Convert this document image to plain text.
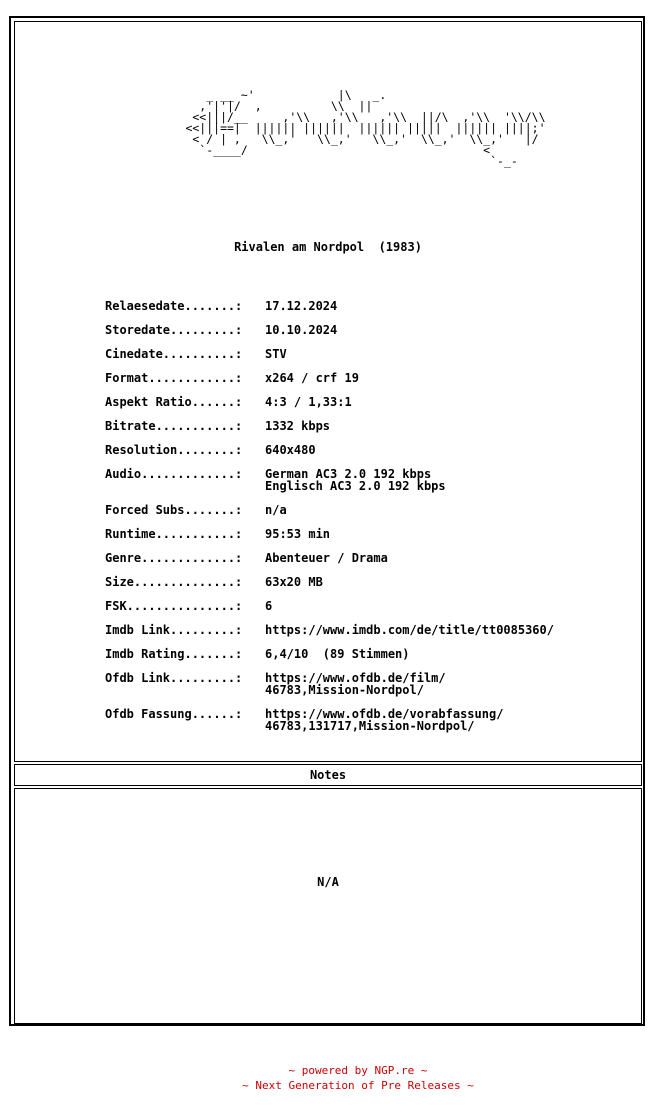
_ __ ~'            |\   _.
,'|'|/  ,          \\  ||
<<|||/__     ,'\\   ,'\\   ,'\\  ||/\  ,'\\  '\\/\\
<<|||==|  |||||| ||||||  |||||| |||||  |||||| ||||;'
< / | ,   \\_,'   \\_,'   \\_,'  \\_,'  \\_,'   |/
`-____/                                  <
`-_-
Rivalen am Nordpol  (1983)
Relaesedate.......:	17.12.2024
Storedate.........:	10.10.2024
Cinedate..........:	STV
Format............:	x264 / crf 19
Aspekt Ratio......:	4:3 / 1,33:1
Bitrate...........:	1332 kbps
Resolution........:	640x480
Audio.............:	German AC3 2.0 192 kbps
Englisch AC3 2.0 192 kbps
Forced Subs.......:	n/a
Runtime...........:	95:53 min
Genre.............:	Abenteuer / Drama
Size..............:	63x20 MB
FSK...............:	6
Imdb Link.........:	https://www.imdb.com/de/title/tt0085360/
Imdb Rating.......:	6,4/10  (89 Stimmen)
Ofdb Link.........:	https://www.ofdb.de/film/
46783,Mission-Nordpol/
Ofdb Fassung......:	https://www.ofdb.de/vorabfassung/
46783,131717,Mission-Nordpol/
Notes
N/A
~ powered by NGP.re ~
~ Next Generation of Pre Releases ~
